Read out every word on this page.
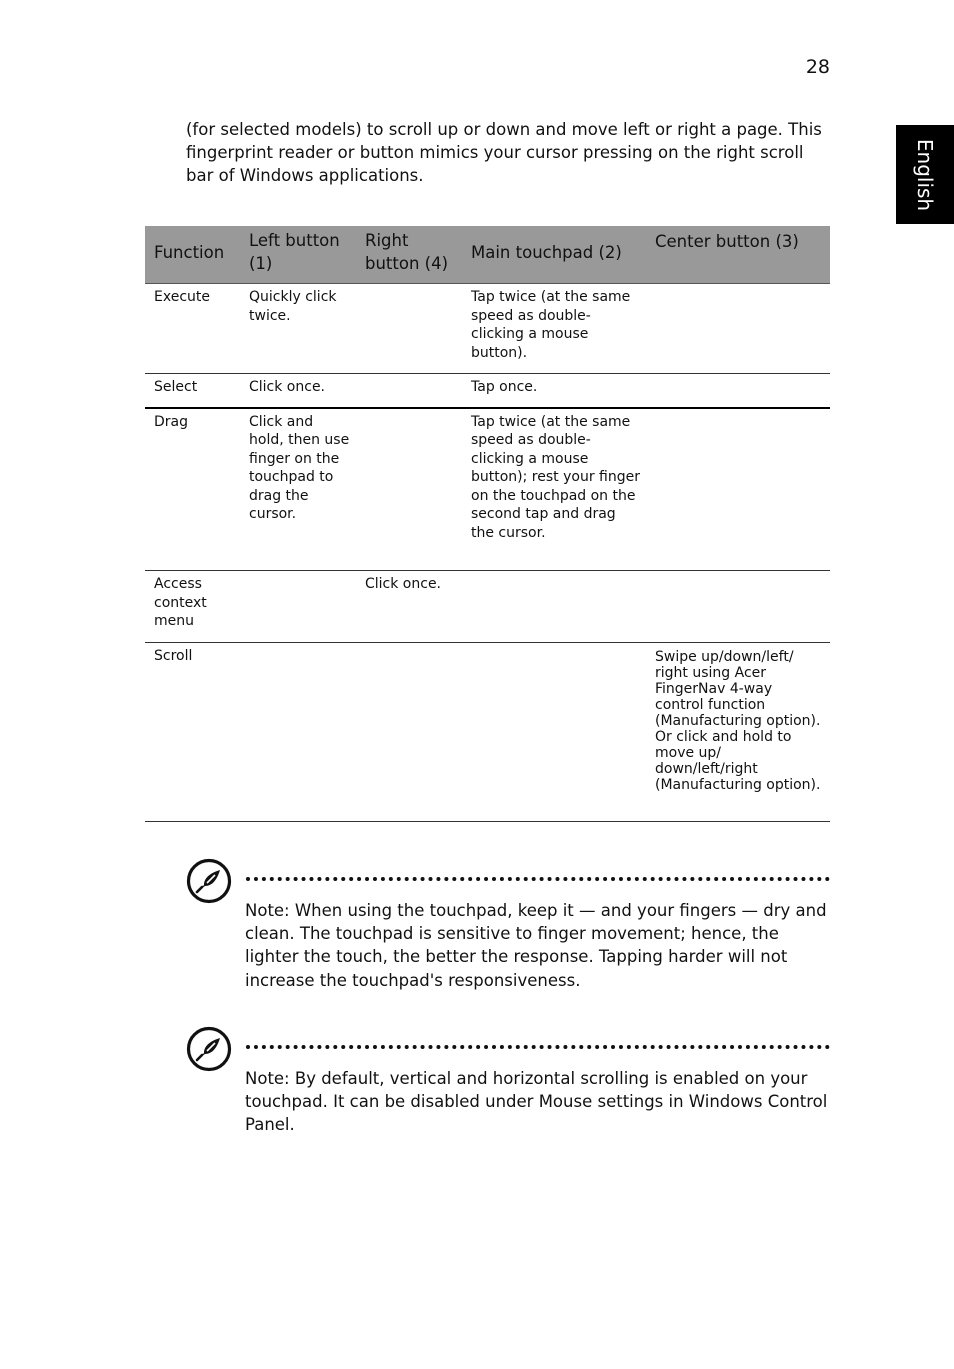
28
English

(for selected models) to scroll up or down and move left or right a page. This fingerprint reader or button mimics your cursor pressing on the right scroll bar of Windows applications.

Function	Left button (1)	Right button (4)	Main touchpad (2)	Center button (3)
Execute	Quickly click twice.		Tap twice (at the same speed as double-clicking a mouse button).	
Select	Click once.		Tap once.	
Drag	Click and hold, then use finger on the touchpad to drag the cursor.		Tap twice (at the same speed as double-clicking a mouse button); rest your finger on the touchpad on the second tap and drag the cursor.	
Access context menu		Click once.		
Scroll				Swipe up/down/left/ right using Acer FingerNav 4-way control function (Manufacturing option). Or click and hold to move up/ down/left/right (Manufacturing option).

Note: When using the touchpad, keep it — and your fingers — dry and clean. The touchpad is sensitive to finger movement; hence, the lighter the touch, the better the response. Tapping harder will not increase the touchpad's responsiveness.

Note: By default, vertical and horizontal scrolling is enabled on your touchpad. It can be disabled under Mouse settings in Windows Control Panel.
